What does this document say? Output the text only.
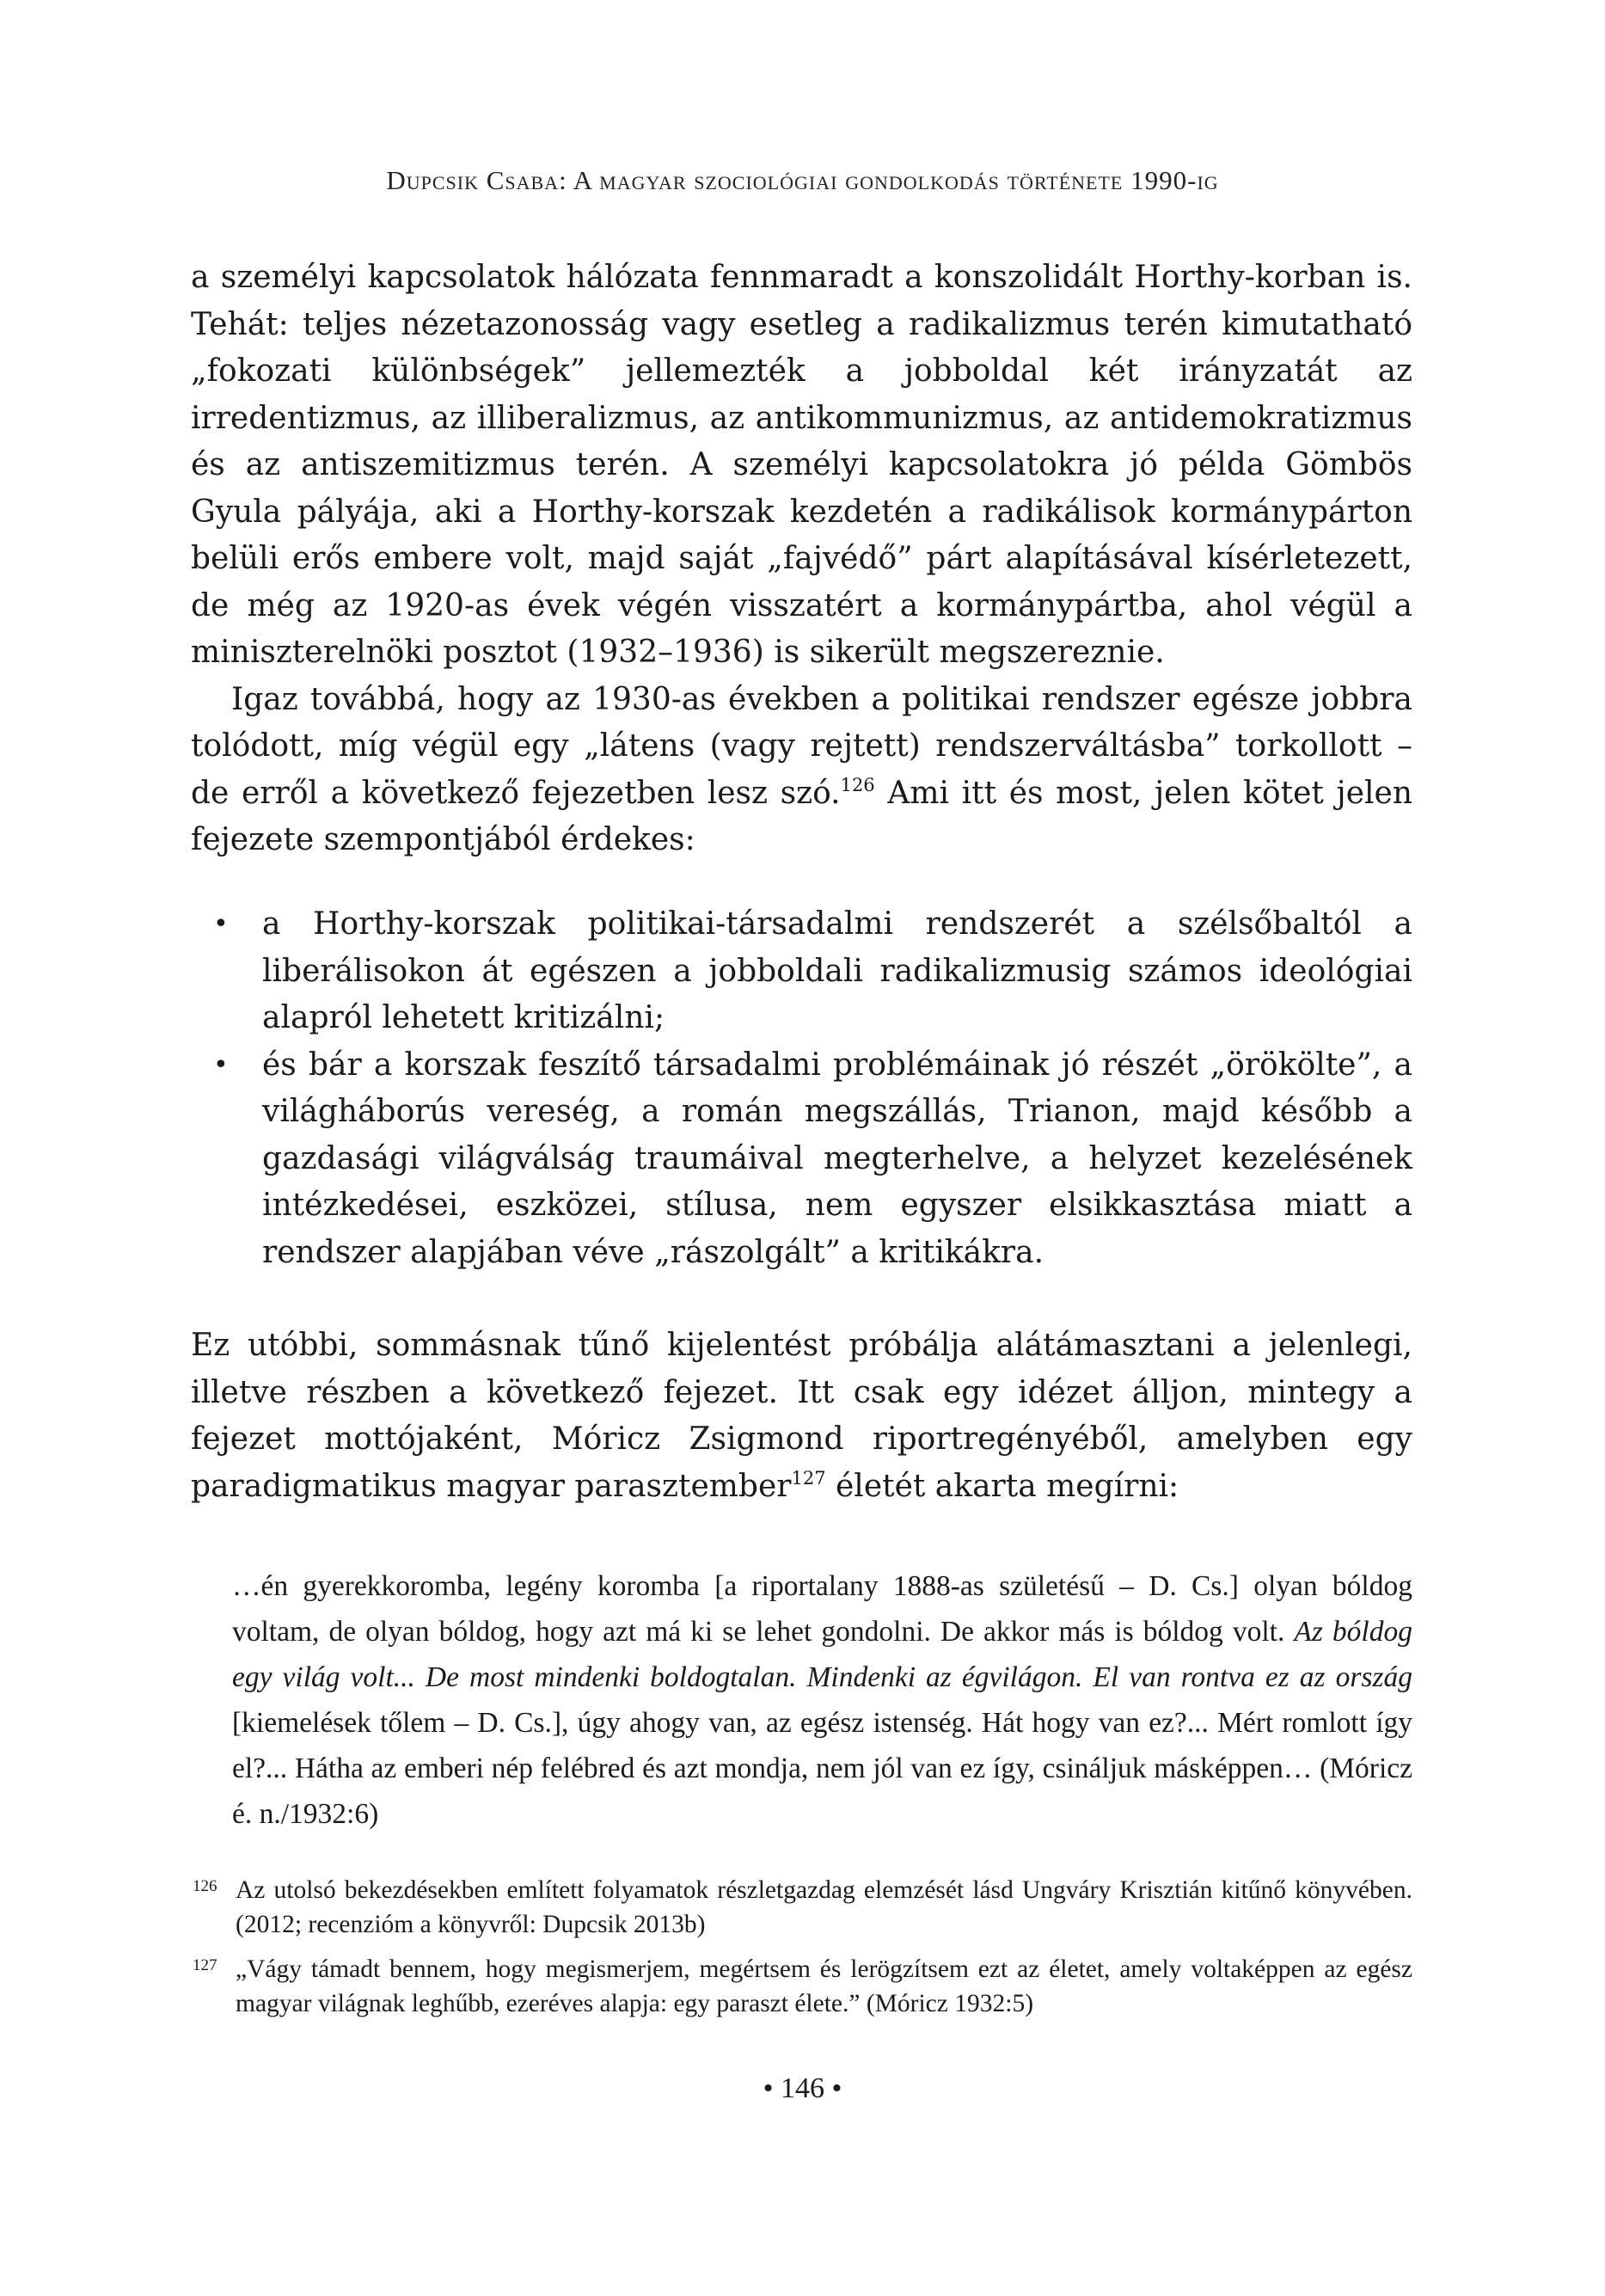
Dupcsik Csaba: A magyar szociológiai gondolkodás története 1990-ig

a személyi kapcsolatok hálózata fennmaradt a konszolidált Horthy-korban is. Tehát: teljes nézetazonosság vagy esetleg a radikalizmus terén kimutatható „fokozati különbségek” jellemezték a jobboldal két irányzatát az irredentizmus, az illiberalizmus, az antikommunizmus, az antidemokratizmus és az antiszemitizmus terén. A személyi kapcsolatokra jó példa Gömbös Gyula pályája, aki a Horthy-korszak kezdetén a radikálisok kormánypárton belüli erős embere volt, majd saját „fajvédő” párt alapításával kísérletezett, de még az 1920-as évek végén visszatért a kormánypártba, ahol végül a miniszterelnöki posztot (1932–1936) is sikerült megszereznie.

Igaz továbbá, hogy az 1930-as években a politikai rendszer egésze jobbra tolódott, míg végül egy „látens (vagy rejtett) rendszerváltásba” torkollott – de erről a következő fejezetben lesz szó.$^{126}$ Ami itt és most, jelen kötet jelen fejezete szempontjából érdekes:

• a Horthy-korszak politikai-társadalmi rendszerét a szélsőbaltól a liberálisokon át egészen a jobboldali radikalizmusig számos ideológiai alapról lehetett kritizálni;
• és bár a korszak feszítő társadalmi problémáinak jó részét „örökölte”, a világháborús vereség, a román megszállás, Trianon, majd később a gazdasági világválság traumáival megterhelve, a helyzet kezelésének intézkedései, eszközei, stílusa, nem egyszer elsikkasztása miatt a rendszer alapjában véve „rászolgált” a kritikákra.

Ez utóbbi, sommásnak tűnő kijelentést próbálja alátámasztani a jelenlegi, illetve részben a következő fejezet. Itt csak egy idézet álljon, mintegy a fejezet mottójaként, Móricz Zsigmond riportregényéből, amelyben egy paradigmatikus magyar parasztember$^{127}$ életét akarta megírni:

…én gyerekkoromba, legény koromba [a riportalany 1888-as születésű – D. Cs.] olyan bóldog voltam, de olyan bóldog, hogy azt má ki se lehet gondolni. De akkor más is bóldog volt. Az bóldog egy világ volt... De most mindenki boldogtalan. Mindenki az égvilágon. El van rontva ez az ország [kiemelések tőlem – D. Cs.], úgy ahogy van, az egész istenség. Hát hogy van ez?... Mért romlott így el?... Hátha az emberi nép felébred és azt mondja, nem jól van ez így, csináljuk másképpen… (Móricz é. n./1932:6)

126 Az utolsó bekezdésekben említett folyamatok részletgazdag elemzését lásd Ungváry Krisztián kitűnő könyvében. (2012; recenzióm a könyvről: Dupcsik 2013b)
127 „Vágy támadt bennem, hogy megismerjem, megértsem és lerögzítsem ezt az életet, amely voltaképpen az egész magyar világnak leghűbb, ezeréves alapja: egy paraszt élete.” (Móricz 1932:5)
• 146 •
